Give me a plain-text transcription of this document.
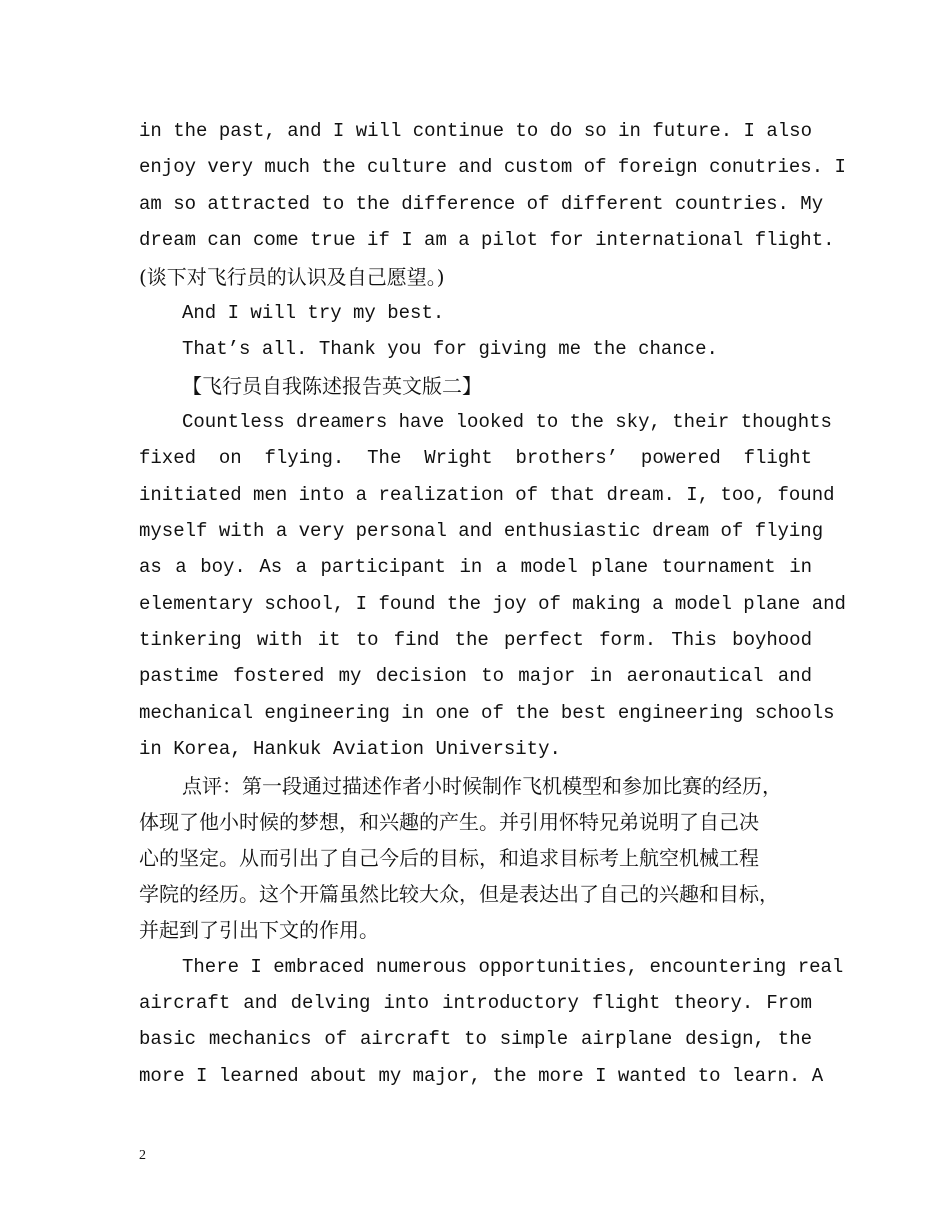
in the past, and I will continue to do so in future. I also

enjoy very much the culture and custom of foreign conutries. I

am so attracted to the difference of different countries. My

dream can come true if I am a pilot for international flight.

(谈下对飞行员的认识及自己愿望。)

And I will try my best.

That’s all. Thank you for giving me the chance.

【飞行员自我陈述报告英文版二】

Countless dreamers have looked to the sky, their thoughts

fixed on flying. The Wright brothers’ powered flight

initiated men into a realization of that dream. I, too, found

myself with a very personal and enthusiastic dream of flying

as a boy. As a participant in a model plane tournament in

elementary school, I found the joy of making a model plane and

tinkering with it to find the perfect form. This boyhood

pastime fostered my decision to major in aeronautical and

mechanical engineering in one of the best engineering schools

in Korea, Hankuk Aviation University.

点评：第一段通过描述作者小时候制作飞机模型和参加比赛的经历，

体现了他小时候的梦想，和兴趣的产生。并引用怀特兄弟说明了自己决

心的坚定。从而引出了自己今后的目标，和追求目标考上航空机械工程

学院的经历。这个开篇虽然比较大众，但是表达出了自己的兴趣和目标，

并起到了引出下文的作用。

There I embraced numerous opportunities, encountering real

aircraft and delving into introductory flight theory. From

basic mechanics of aircraft to simple airplane design, the

more I learned about my major, the more I wanted to learn. A

2
